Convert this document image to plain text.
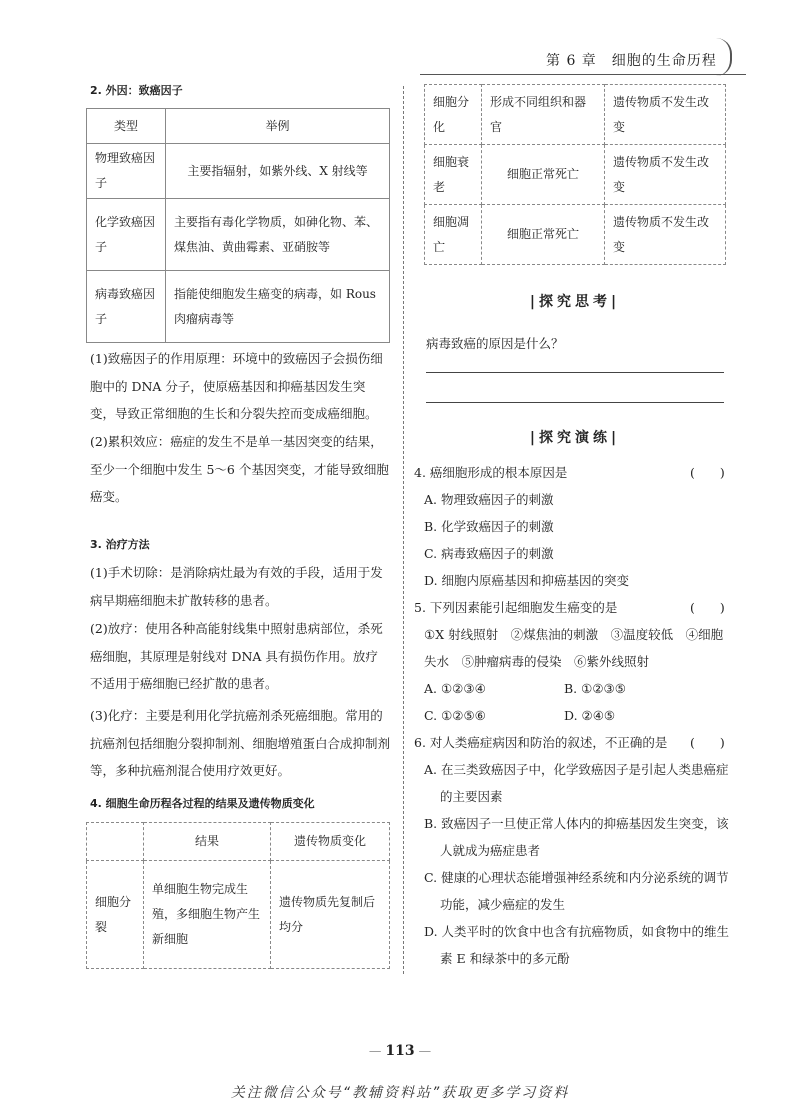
第 6 章　细胞的生命历程
2. 外因：致癌因子
类型	举例
物理致癌因子	主要指辐射，如紫外线、X 射线等
化学致癌因子	主要指有毒化学物质，如砷化物、苯、煤焦油、黄曲霉素、亚硝胺等
病毒致癌因子	指能使细胞发生癌变的病毒，如 Rous 肉瘤病毒等

(1)致癌因子的作用原理：环境中的致癌因子会损伤细胞中的 DNA 分子，使原癌基因和抑癌基因发生突变，导致正常细胞的生长和分裂失控而变成癌细胞。

(2)累积效应：癌症的发生不是单一基因突变的结果，至少一个细胞中发生 5～6 个基因突变，才能导致细胞癌变。

3. 治疗方法

(1)手术切除：是消除病灶最为有效的手段，适用于发病早期癌细胞未扩散转移的患者。

(2)放疗：使用各种高能射线集中照射患病部位，杀死癌细胞，其原理是射线对 DNA 具有损伤作用。放疗不适用于癌细胞已经扩散的患者。

(3)化疗：主要是利用化学抗癌剂杀死癌细胞。常用的抗癌剂包括细胞分裂抑制剂、细胞增殖蛋白合成抑制剂等，多种抗癌剂混合使用疗效更好。

4. 细胞生命历程各过程的结果及遗传物质变化
	结果	遗传物质变化
细胞分裂	单细胞生物完成生殖，多细胞生物产生新细胞	遗传物质先复制后均分
细胞分化	形成不同组织和器官	遗传物质不发生改变
细胞衰老	细胞正常死亡	遗传物质不发生改变
细胞凋亡	细胞正常死亡	遗传物质不发生改变
|探究思考|
病毒致癌的原因是什么？
|探究演练|
4. 癌细胞形成的根本原因是	(　　)
A. 物理致癌因子的刺激
B. 化学致癌因子的刺激
C. 病毒致癌因子的刺激
D. 细胞内原癌基因和抑癌基因的突变
5. 下列因素能引起细胞发生癌变的是	(　　)
①X 射线照射　②煤焦油的刺激　③温度较低　④细胞
失水　⑤肿瘤病毒的侵染　⑥紫外线照射
A. ①②③④	B. ①②③⑤
C. ①②⑤⑥	D. ②④⑤
6. 对人类癌症病因和防治的叙述，不正确的是 (　　)
A. 在三类致癌因子中，化学致癌因子是引起人类患癌症
的主要因素
B. 致癌因子一旦使正常人体内的抑癌基因发生突变，该
人就成为癌症患者
C. 健康的心理状态能增强神经系统和内分泌系统的调节
功能，减少癌症的发生
D. 人类平时的饮食中也含有抗癌物质，如食物中的维生
素 E 和绿茶中的多元酚
— 113 —
关注微信公众号“教辅资料站”获取更多学习资料
